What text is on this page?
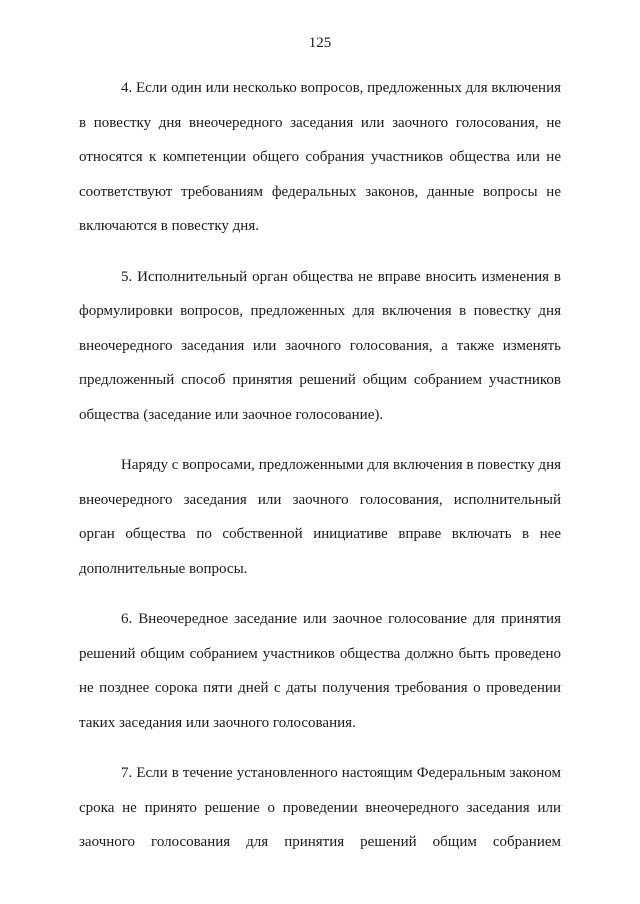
125

4. Если один или несколько вопросов, предложенных для включения в повестку дня внеочередного заседания или заочного голосования, не относятся к компетенции общего собрания участников общества или не соответствуют требованиям федеральных законов, данные вопросы не включаются в повестку дня.

5. Исполнительный орган общества не вправе вносить изменения в формулировки вопросов, предложенных для включения в повестку дня внеочередного заседания или заочного голосования, а также изменять предложенный способ принятия решений общим собранием участников общества (заседание или заочное голосование).

Наряду с вопросами, предложенными для включения в повестку дня внеочередного заседания или заочного голосования, исполнительный орган общества по собственной инициативе вправе включать в нее дополнительные вопросы.

6. Внеочередное заседание или заочное голосование для принятия решений общим собранием участников общества должно быть проведено не позднее сорока пяти дней с даты получения требования о проведении таких заседания или заочного голосования.

7. Если в течение установленного настоящим Федеральным законом срока не принято решение о проведении внеочередного заседания или заочного голосования для принятия решений общим собранием
